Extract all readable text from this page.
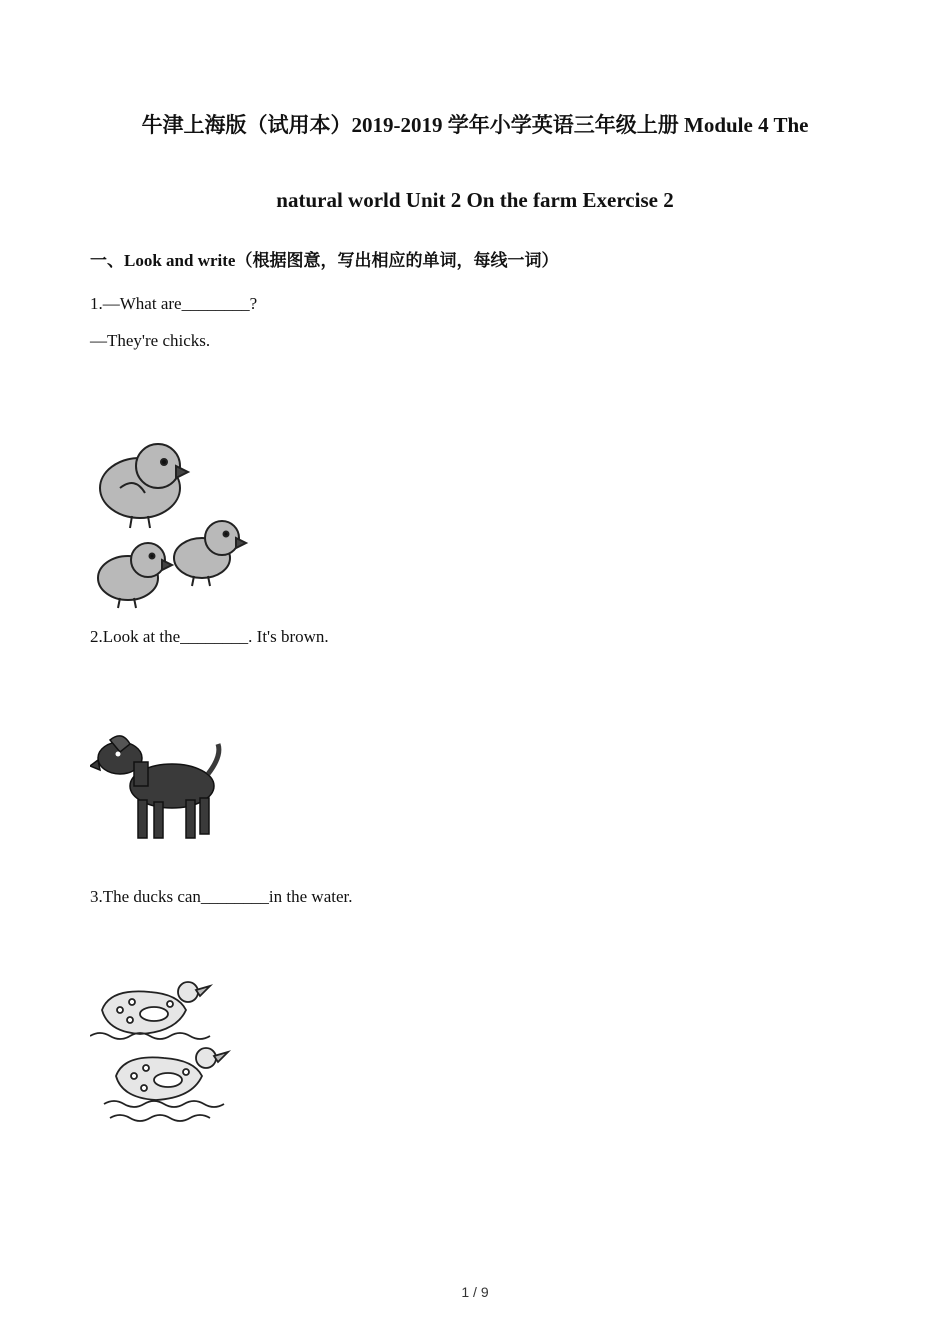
牛津上海版（试用本）2019-2019 学年小学英语三年级上册 Module 4 The
natural world Unit 2 On the farm Exercise 2
一、Look and write（根据图意，写出相应的单词，每线一词）
1.—What are________?
—They're chicks.
2.Look at the________. It's brown.
3.The ducks can________in the water.
1 / 9
